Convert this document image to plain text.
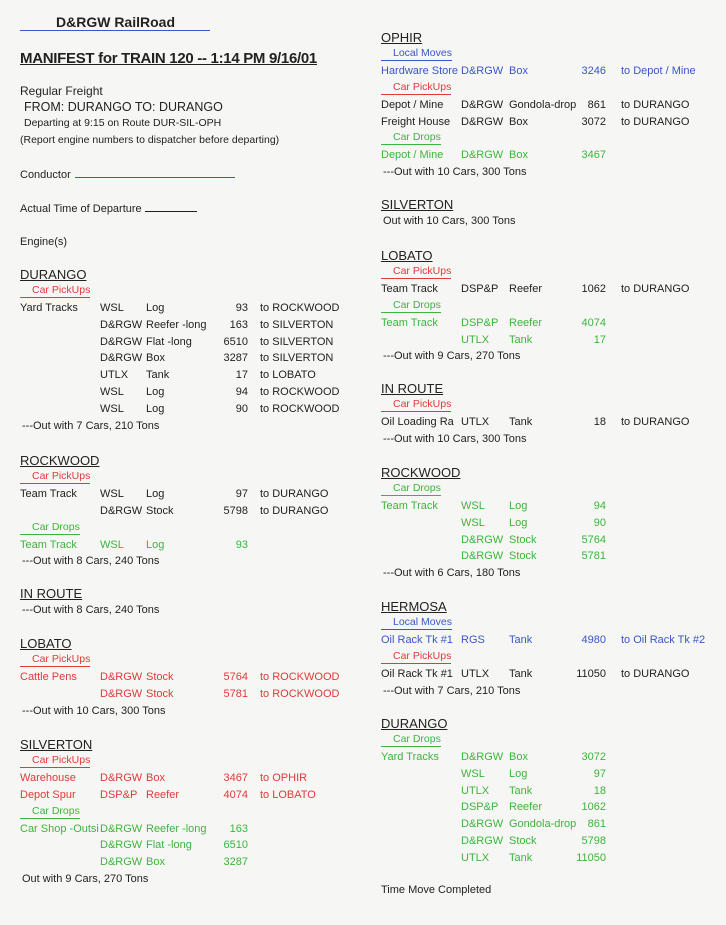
D&RGW RailRoad
MANIFEST for TRAIN 120 -- 1:14 PM 9/16/01
Regular Freight
FROM: DURANGO TO: DURANGO
Departing at 9:15 on Route DUR-SIL-OPH
(Report engine numbers to dispatcher before departing)
Conductor
Actual Time of Departure
Engine(s)
DURANGO
Car PickUps
Yard Tracks WSL Log	93 to ROCKWOOD
D&RGW Reefer -long	163 to SILVERTON
D&RGW Flat -long	6510 to SILVERTON
D&RGW Box	3287 to SILVERTON
UTLX Tank	17 to LOBATO
WSL Log	94 to ROCKWOOD
WSL Log	90 to ROCKWOOD
---Out with 7 Cars, 210 Tons
ROCKWOOD
Car PickUps
Team Track WSL Log	97 to DURANGO
D&RGW Stock	5798 to DURANGO
Car Drops
Team Track WSL Log	93
---Out with 8 Cars, 240 Tons
IN ROUTE
---Out with 8 Cars, 240 Tons
LOBATO
Car PickUps
Cattle Pens D&RGW Stock	5764 to ROCKWOOD
D&RGW Stock	5781 to ROCKWOOD
---Out with 10 Cars, 300 Tons
SILVERTON
Car PickUps
Warehouse D&RGW Box	3467 to OPHIR
Depot Spur DSP&P Reefer	4074 to LOBATO
Car Drops
Car Shop -Outsi D&RGW Reefer -long	163
D&RGW Flat -long	6510
D&RGW Box	3287
Out with 9 Cars, 270 Tons
OPHIR
Local Moves
Hardware Store D&RGW Box	3246 to Depot / Mine
Car PickUps
Depot / Mine D&RGW Gondola-drop	861 to DURANGO
Freight House D&RGW Box	3072 to DURANGO
Car Drops
Depot / Mine D&RGW Box	3467
---Out with 10 Cars, 300 Tons
SILVERTON
Out with 10 Cars, 300 Tons
LOBATO
Car PickUps
Team Track DSP&P Reefer	1062 to DURANGO
Car Drops
Team Track DSP&P Reefer	4074
UTLX Tank	17
---Out with 9 Cars, 270 Tons
IN ROUTE
Car PickUps
Oil Loading Ra UTLX Tank	18 to DURANGO
---Out with 10 Cars, 300 Tons
ROCKWOOD
Car Drops
Team Track WSL Log	94
WSL Log	90
D&RGW Stock	5764
D&RGW Stock	5781
---Out with 6 Cars, 180 Tons
HERMOSA
Local Moves
Oil Rack Tk #1 RGS Tank	4980 to Oil Rack Tk #2
Car PickUps
Oil Rack Tk #1 UTLX Tank	11050 to DURANGO
---Out with 7 Cars, 210 Tons
DURANGO
Car Drops
Yard Tracks D&RGW Box	3072
WSL Log	97
UTLX Tank	18
DSP&P Reefer	1062
D&RGW Gondola-drop	861
D&RGW Stock	5798
UTLX Tank	11050
Time Move Completed
